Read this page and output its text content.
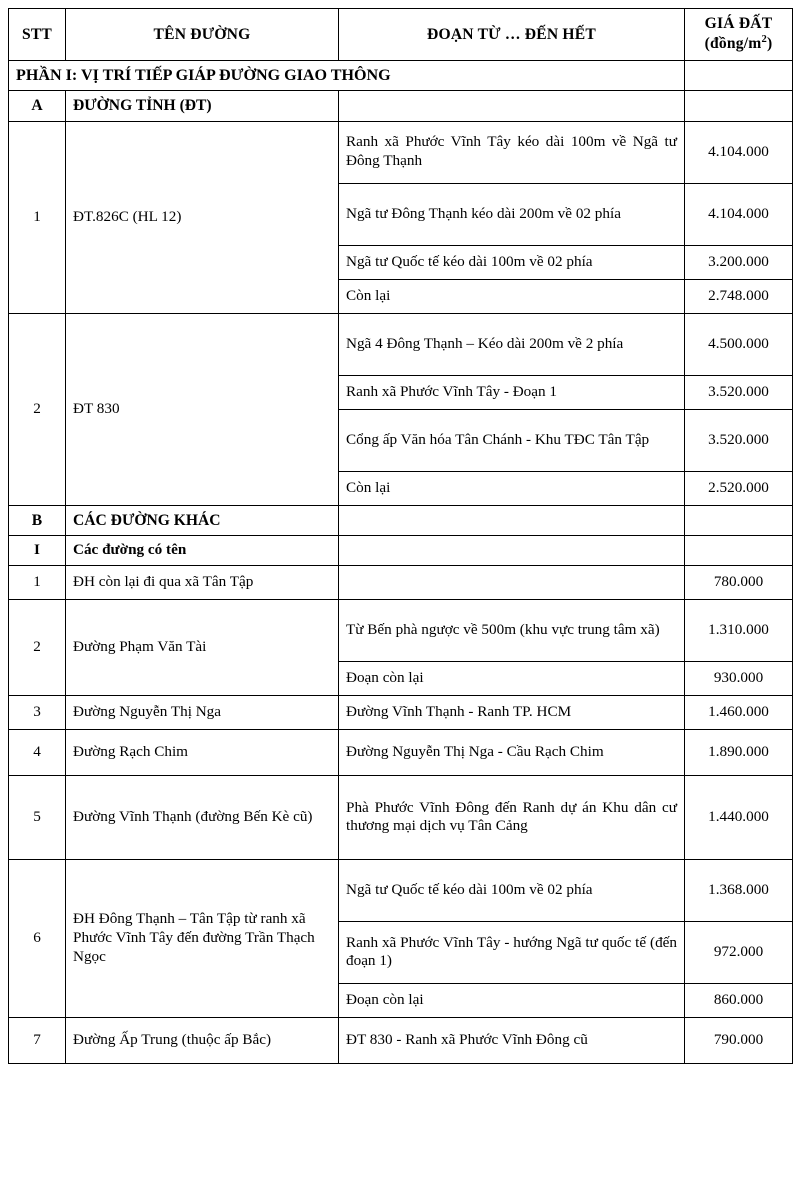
STT	TÊN ĐƯỜNG	ĐOẠN TỪ … ĐẾN HẾT	GIÁ ĐẤT
$(đồng/m^2)$
PHẦN I: VỊ TRÍ TIẾP GIÁP ĐƯỜNG GIAO THÔNG			
A	ĐƯỜNG TỈNH (ĐT)		
1	ĐT.826C (HL 12)	Ranh xã Phước Vĩnh Tây kéo dài 100m về Ngã tư Đông Thạnh	4.104.000
		Ngã tư Đông Thạnh kéo dài 200m về 02 phía	4.104.000
		Ngã tư Quốc tế kéo dài 100m về 02 phía	3.200.000
		Còn lại	2.748.000
2	ĐT 830	Ngã 4 Đông Thạnh – Kéo dài 200m về 2 phía	4.500.000
		Ranh xã Phước Vĩnh Tây - Đoạn 1	3.520.000
		Cổng ấp Văn hóa Tân Chánh - Khu TĐC Tân Tập	3.520.000
		Còn lại	2.520.000
B	CÁC ĐƯỜNG KHÁC		
I	Các đường có tên		
1	ĐH còn lại đi qua xã Tân Tập		780.000
2	Đường Phạm Văn Tài	Từ Bến phà ngược về 500m (khu vực trung tâm xã)	1.310.000
		Đoạn còn lại	930.000
3	Đường Nguyễn Thị Nga	Đường Vĩnh Thạnh - Ranh TP. HCM	1.460.000
4	Đường Rạch Chim	Đường Nguyễn Thị Nga - Cầu Rạch Chim	1.890.000
5	Đường Vĩnh Thạnh (đường Bến Kè cũ)	Phà Phước Vĩnh Đông đến Ranh dự án Khu dân cư thương mại dịch vụ Tân Cảng	1.440.000
6	ĐH Đông Thạnh – Tân Tập từ ranh xã Phước Vĩnh Tây đến đường Trần Thạch Ngọc	Ngã tư Quốc tế kéo dài 100m về 02 phía	1.368.000
		Ranh xã Phước Vĩnh Tây - hướng Ngã tư quốc tế (đến đoạn 1)	972.000
		Đoạn còn lại	860.000
7	Đường Ấp Trung (thuộc ấp Bắc)	ĐT 830 - Ranh xã Phước Vĩnh Đông cũ	790.000
